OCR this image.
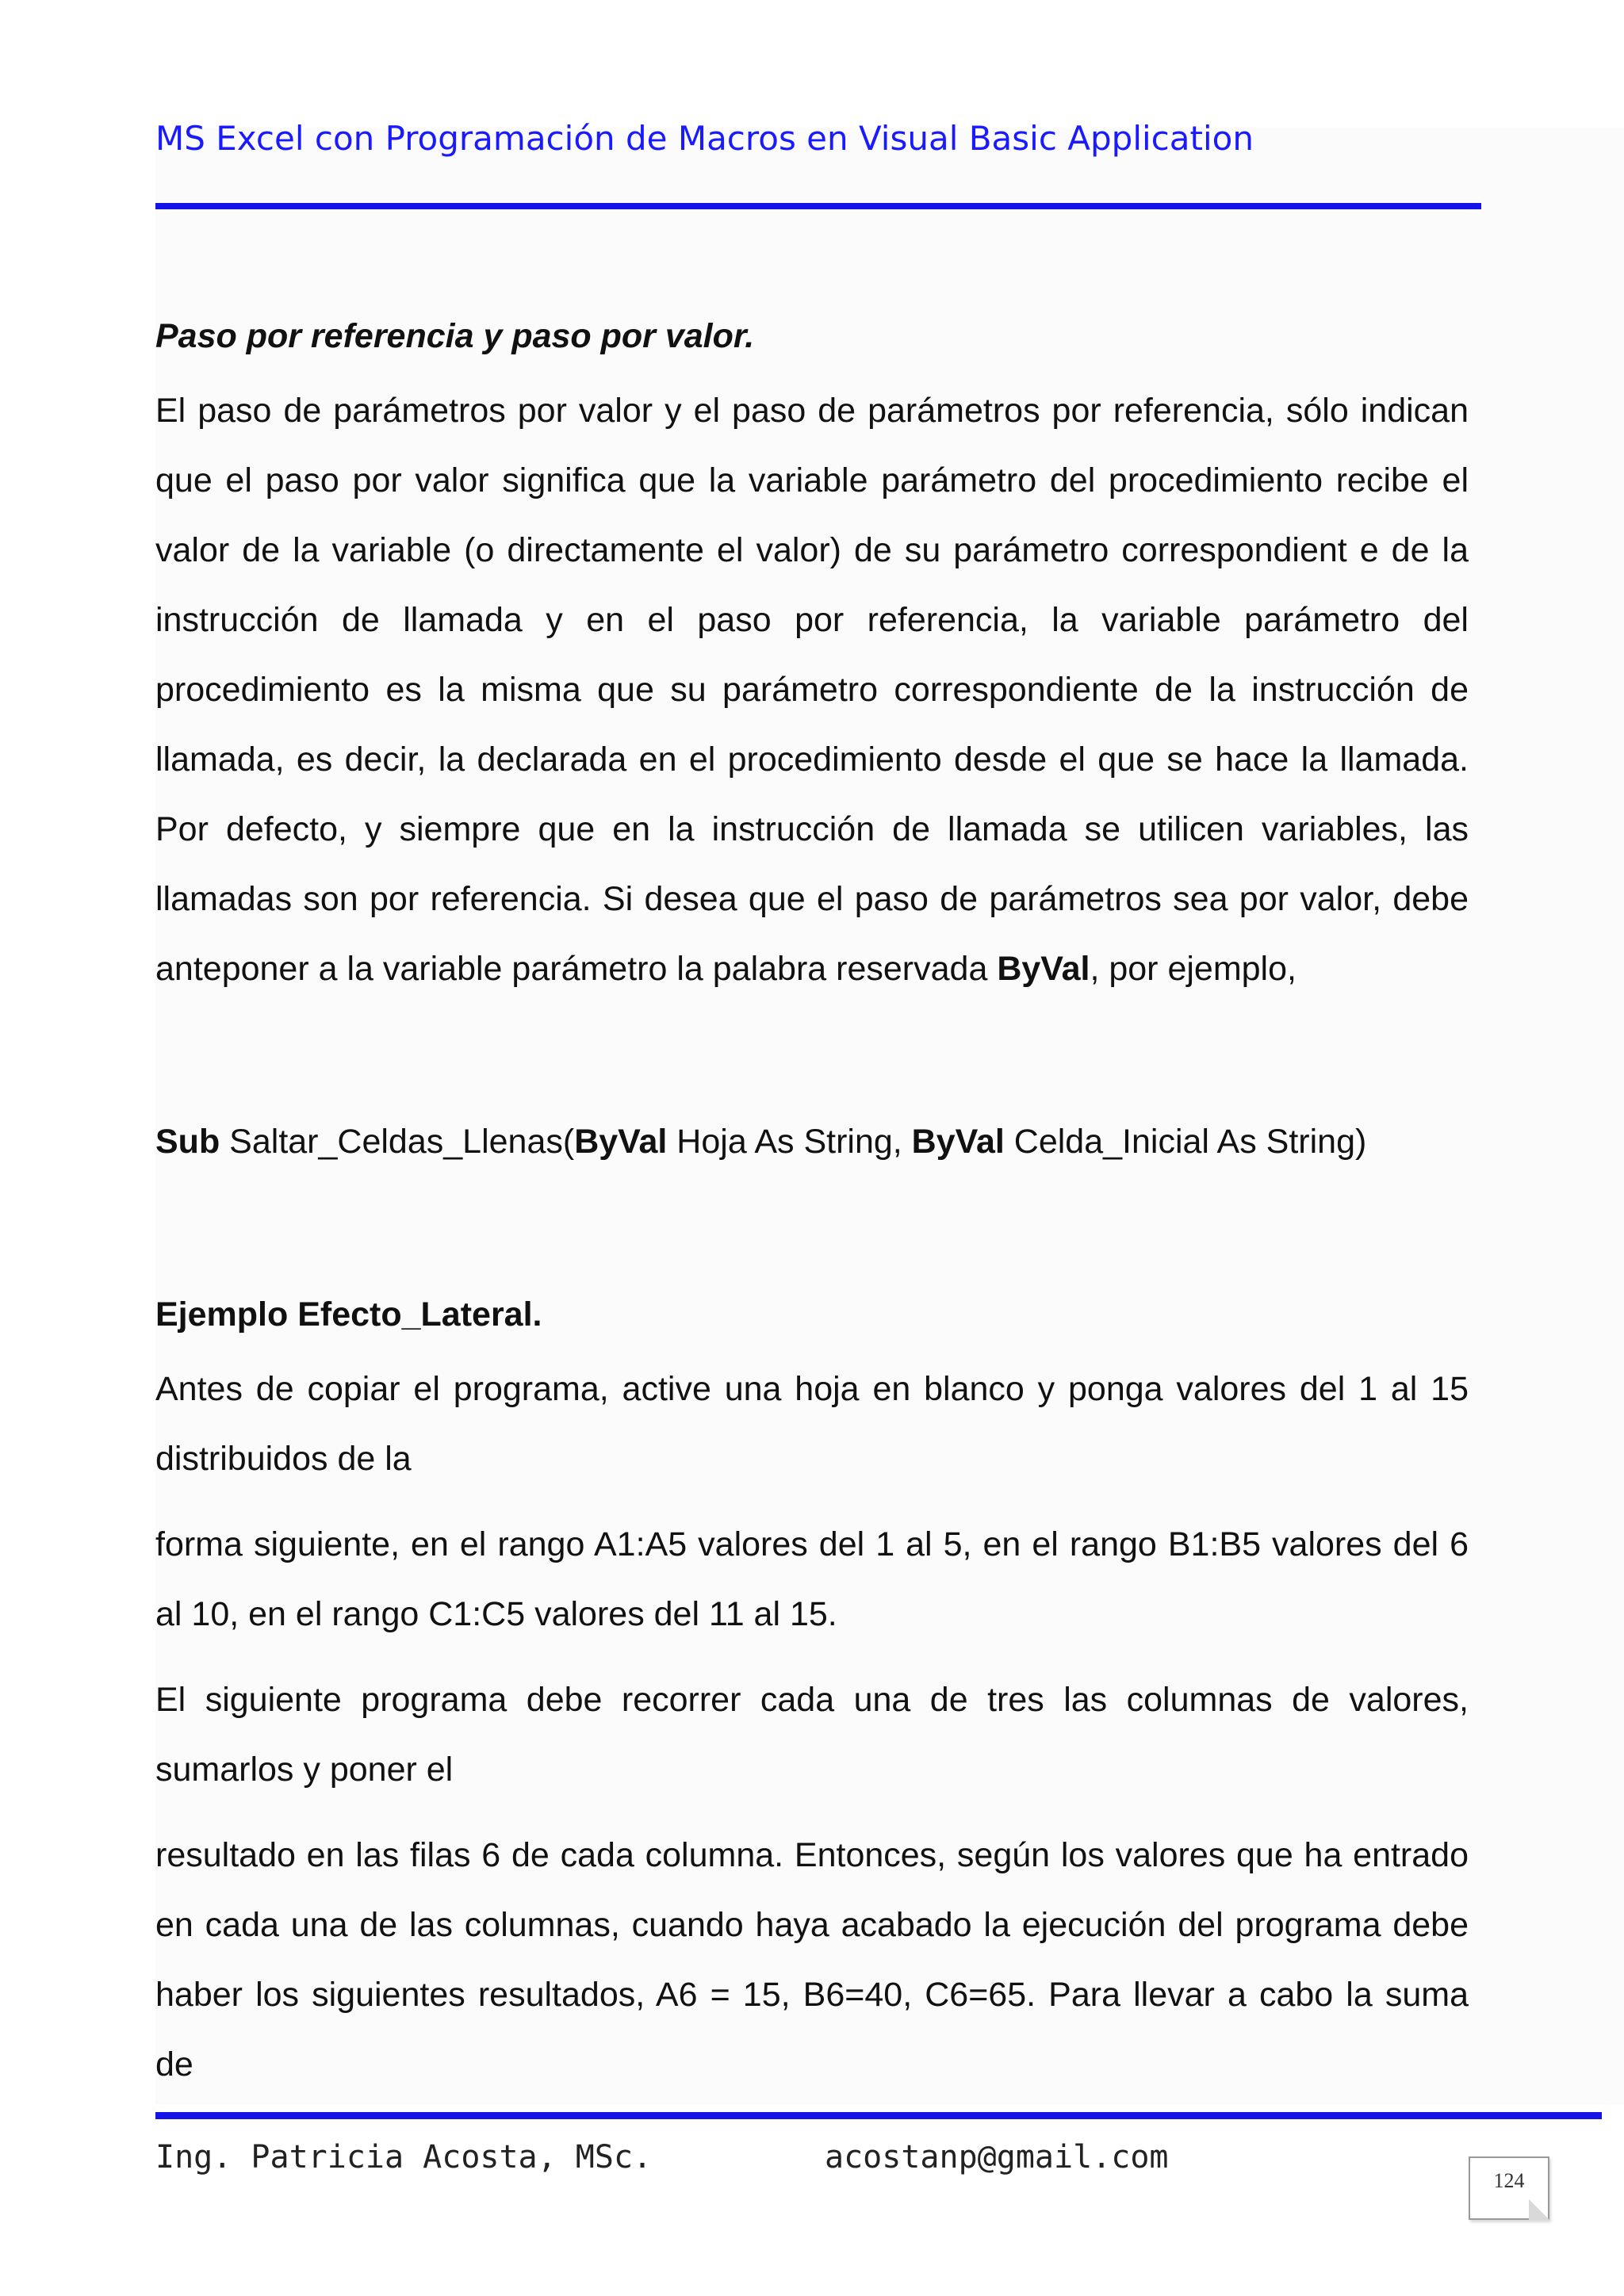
MS Excel con Programación de Macros en Visual Basic Application

Paso por referencia y paso por valor.

El paso de parámetros por valor y el paso de parámetros por referencia, sólo indican que el paso por valor significa que la variable parámetro del procedimiento recibe el valor de la variable (o directamente el valor) de su parámetro correspondient e de la instrucción de llamada y en el paso por referencia, la variable parámetro del procedimiento es la misma que su parámetro correspondiente de la instrucción de llamada, es decir, la declarada en el procedimiento desde el que se hace la llamada. Por defecto, y siempre que en la instrucción de llamada se utilicen variables, las llamadas son por referencia. Si desea que el paso de parámetros sea por valor, debe anteponer a la variable parámetro la palabra reservada ByVal, por ejemplo,

Sub Saltar_Celdas_Llenas(ByVal Hoja As String, ByVal Celda_Inicial As String)

Ejemplo Efecto_Lateral.

Antes de copiar el programa, active una hoja en blanco y ponga valores del 1 al 15 distribuidos de la

forma siguiente, en el rango A1:A5 valores del 1 al 5, en el rango B1:B5 valores del 6 al 10, en el rango C1:C5 valores del 11 al 15.

El siguiente programa debe recorrer cada una de tres las columnas de valores, sumarlos y poner el

resultado en las filas 6 de cada columna. Entonces, según los valores que ha entrado en cada una de las columnas, cuando haya acabado la ejecución del programa debe haber los siguientes resultados, A6 = 15, B6=40, C6=65. Para llevar a cabo la suma de

Ing. Patricia Acosta, MSc.	acostanp@gmail.com
124
